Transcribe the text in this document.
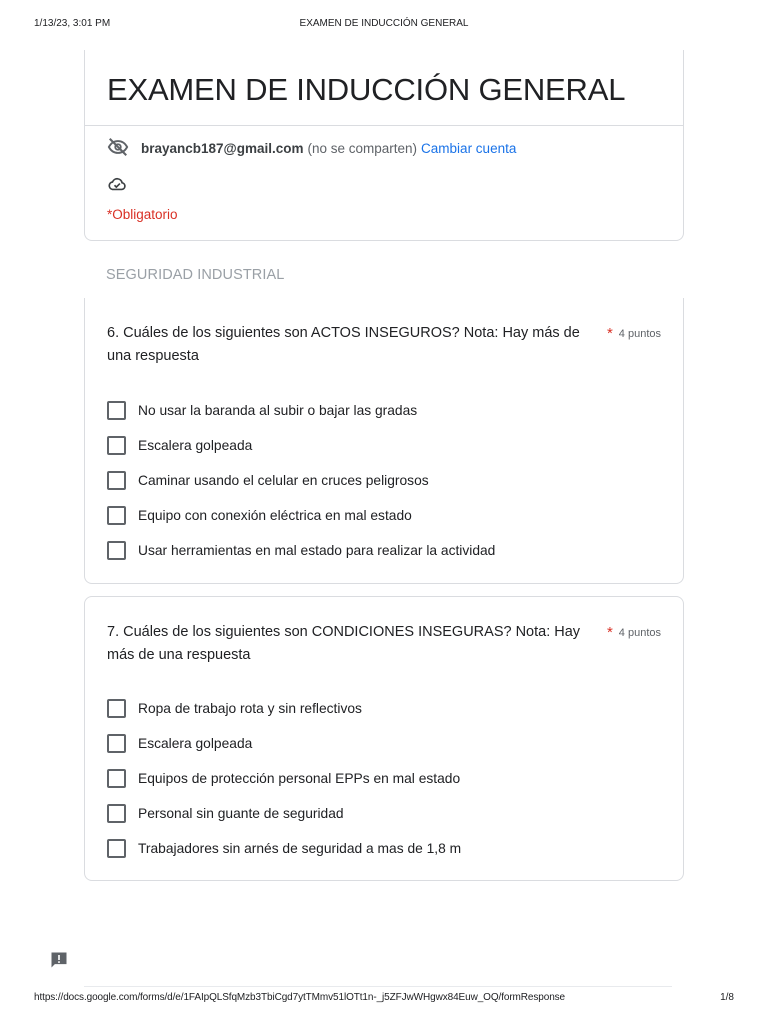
1/13/23, 3:01 PM	EXAMEN DE INDUCCIÓN GENERAL
EXAMEN DE INDUCCIÓN GENERAL
brayancb187@gmail.com (no se comparten) Cambiar cuenta
*Obligatorio
SEGURIDAD INDUSTRIAL
6. Cuáles de los siguientes son ACTOS INSEGUROS? Nota: Hay más de una respuesta
* 4 puntos
No usar la baranda al subir o bajar las gradas
Escalera golpeada
Caminar usando el celular en cruces peligrosos
Equipo con conexión eléctrica en mal estado
Usar herramientas en mal estado para realizar la actividad
7. Cuáles de los siguientes son CONDICIONES INSEGURAS? Nota: Hay más de una respuesta
* 4 puntos
Ropa de trabajo rota y sin reflectivos
Escalera golpeada
Equipos de protección personal EPPs en mal estado
Personal sin guante de seguridad
Trabajadores sin arnés de seguridad a mas de 1,8 m
https://docs.google.com/forms/d/e/1FAIpQLSfqMzb3TbiCgd7ytTMmv51lOTt1n-_j5ZFJwWHgwx84Euw_OQ/formResponse	1/8
